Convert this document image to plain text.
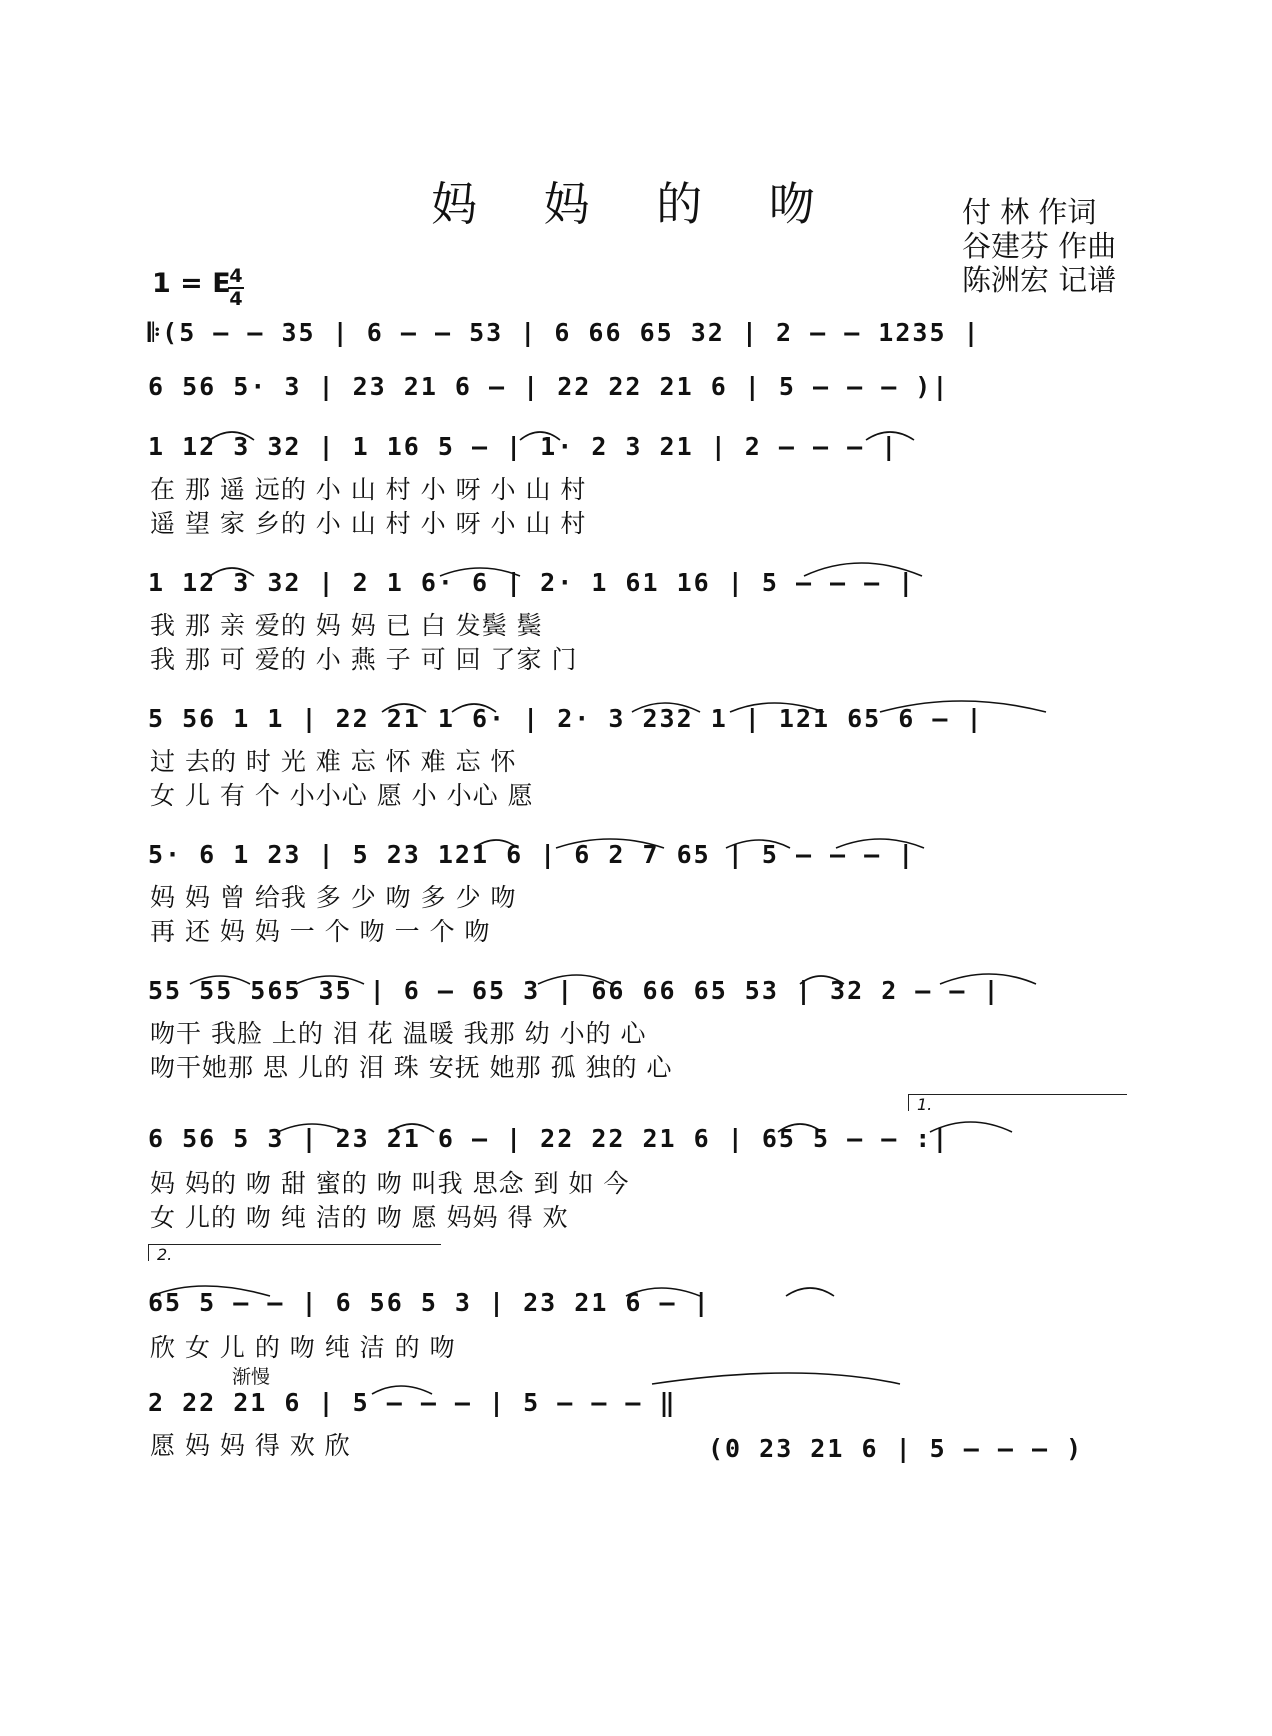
妈 妈 的 吻	付 林 作词
谷建芬 作曲
陈洲宏 记谱
1 = E
4
4
𝄆(5 – – 35 | 6 – – 53 | 6 66 65 32 | 2 – – 1235 |
6 56 5· 3 | 23 21 6 – | 22 22 21 6 | 5 – – – )|
1 12 3 32 | 1 16 5 – | 1· 2 3 21 | 2 – – – |
在 那 遥 远的 小 山 村 小 呀 小 山 村
遥 望 家 乡的 小 山 村 小 呀 小 山 村
1 12 3 32 | 2 1 6· 6 | 2· 1 61 16 | 5 – – – |
我 那 亲 爱的 妈 妈 已 白 发鬓 鬓
我 那 可 爱的 小 燕 子 可 回 了家 门
5 56 1 1 | 22 21 1 6· | 2· 3 232 1 | 121 65 6 – |
过 去的 时 光 难 忘 怀 难 忘 怀
女 儿 有 个 小小心 愿 小 小心 愿
5· 6 1 23 | 5 23 121 6 | 6 2 7 65 | 5 – – – |
妈 妈 曾 给我 多 少 吻 多 少 吻
再 还 妈 妈 一 个 吻 一 个 吻
55 55 565 35 | 6 – 65 3 | 66 66 65 53 | 32 2 – – |
吻干 我脸 上的 泪 花 温暖 我那 幼 小的 心
吻干她那 思 儿的 泪 珠 安抚 她那 孤 独的 心
1.
6 56 5 3 | 23 21 6 – | 22 22 21 6 | 65 5 – – :|
妈 妈的 吻 甜 蜜的 吻 叫我 思念 到 如 今
女 儿的 吻 纯 洁的 吻 愿 妈妈 得 欢
2.
65 5 – – | 6 56 5 3 | 23 21 6 – |
欣 女 儿 的 吻 纯 洁 的 吻
渐慢
2 22 21 6 | 5 – – – | 5 – – – ‖
愿 妈 妈 得 欢 欣	(0 23 21 6 | 5 – – – )
